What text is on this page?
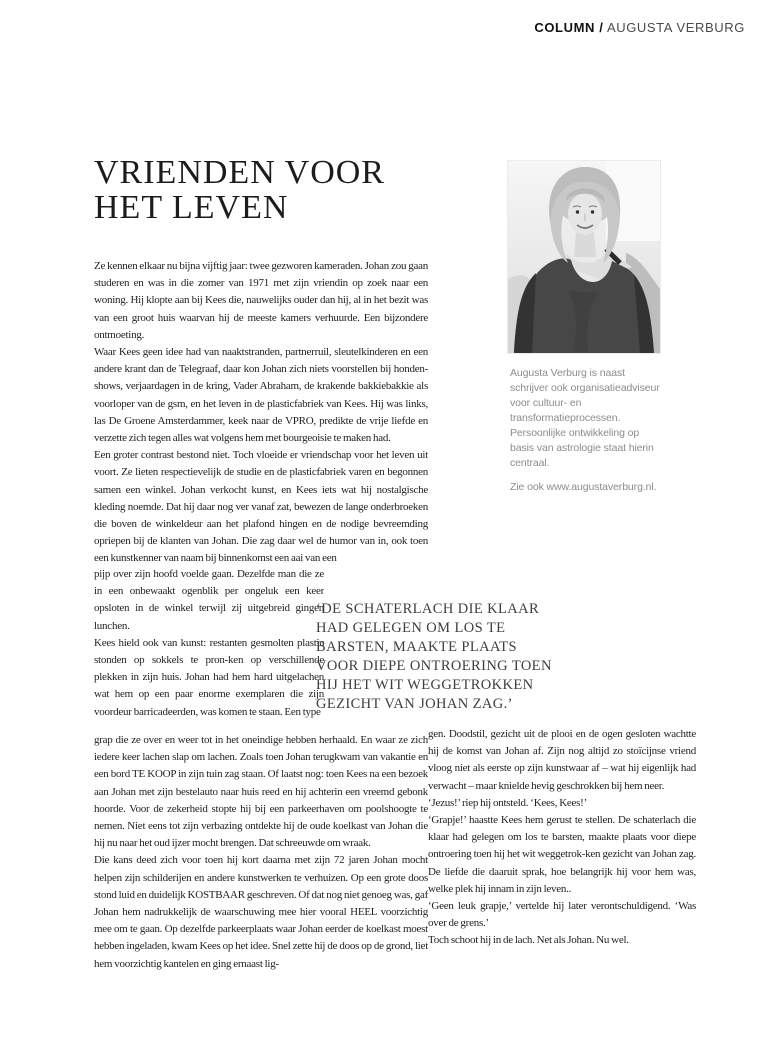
COLUMN / AUGUSTA VERBURG
VRIENDEN VOOR
HET LEVEN

Augusta Verburg is naast schrijver ook organisatieadviseur voor cultuur- en transformatieprocessen. Persoonlijke ontwikkeling op basis van astrologie staat hierin centraal.

Zie ook www.augustaverburg.nl.

Ze kennen elkaar nu bijna vijftig jaar: twee gezworen kameraden. Johan zou gaan studeren en was in die zomer van 1971 met zijn vriendin op zoek naar een woning. Hij klopte aan bij Kees die, nauwelijks ouder dan hij, al in het bezit was van een groot huis waarvan hij de meeste kamers verhuurde. Een bijzondere ontmoeting.

Waar Kees geen idee had van naaktstranden, partnerruil, sleutelkinderen en een andere krant dan de Telegraaf, daar kon Johan zich niets voorstellen bij honden-shows, verjaardagen in de kring, Vader Abraham, de krakende bakkiebakkie als voorloper van de gsm, en het leven in de plasticfabriek van Kees. Hij was links, las De Groene Amsterdammer, keek naar de VPRO, predikte de vrije liefde en verzette zich tegen alles wat volgens hem met bourgeoisie te maken had.

Een groter contrast bestond niet. Toch vloeide er vriendschap voor het leven uit voort. Ze lieten respectievelijk de studie en de plasticfabriek varen en begonnen samen een winkel. Johan verkocht kunst, en Kees iets wat hij nostalgische kleding noemde. Dat hij daar nog ver vanaf zat, bewezen de lange onderbroeken die boven de winkeldeur aan het plafond hingen en de nodige bevreemding opriepen bij de klanten van Johan. Die zag daar wel de humor van in, ook toen een kunstkenner van naam bij binnenkomst een aai van een

pijp over zijn hoofd voelde gaan. Dezelfde man die ze in een onbewaakt ogenblik per ongeluk een keer opsloten in de winkel terwijl zij uitgebreid gingen lunchen.

Kees hield ook van kunst: restanten gesmolten plastic stonden op sokkels te pron-ken op verschillende plekken in zijn huis. Johan had hem hard uitgelachen wat hem op een paar enorme exemplaren die zijn voordeur barricadeerden, was komen te staan. Een type

‘DE SCHATERLACH DIE KLAAR
HAD GELEGEN OM LOS TE
BARSTEN, MAAKTE PLAATS
VOOR DIEPE ONTROERING TOEN
HIJ HET WIT WEGGETROKKEN
GEZICHT VAN JOHAN ZAG.’

grap die ze over en weer tot in het oneindige hebben herhaald. En waar ze zich iedere keer lachen slap om lachen. Zoals toen Johan terugkwam van vakantie en een bord TE KOOP in zijn tuin zag staan. Of laatst nog: toen Kees na een bezoek aan Johan met zijn bestelauto naar huis reed en hij achterin een vreemd gebonk hoorde. Voor de zekerheid stopte hij bij een parkeerhaven om poolshoogte te nemen. Niet eens tot zijn verbazing ontdekte hij de oude koelkast van Johan die hij nu naar het oud ijzer mocht brengen. Dat schreeuwde om wraak.

Die kans deed zich voor toen hij kort daarna met zijn 72 jaren Johan mocht helpen zijn schilderijen en andere kunstwerken te verhuizen. Op een grote doos stond luid en duidelijk KOSTBAAR geschreven. Of dat nog niet genoeg was, gaf Johan hem nadrukkelijk de waarschuwing mee hier vooral HEEL voorzichtig mee om te gaan. Op dezelfde parkeerplaats waar Johan eerder de koelkast moest hebben ingeladen, kwam Kees op het idee. Snel zette hij de doos op de grond, liet hem voorzichtig kantelen en ging ernaast lig-

gen. Doodstil, gezicht uit de plooi en de ogen gesloten wachtte hij de komst van Johan af. Zijn nog altijd zo stoïcijnse vriend vloog niet als eerste op zijn kunstwaar af – wat hij eigenlijk had verwacht – maar knielde hevig geschrokken bij hem neer.

‘Jezus!’ riep hij ontsteld. ‘Kees, Kees!’

‘Grapje!’ haastte Kees hem gerust te stellen. De schaterlach die klaar had gelegen om los te barsten, maakte plaats voor diepe ontroering toen hij het wit weggetrok-ken gezicht van Johan zag. De liefde die daaruit sprak, hoe belangrijk hij voor hem was, welke plek hij innam in zijn leven..

‘Geen leuk grapje,’ vertelde hij later verontschuldigend. ‘Was over de grens.’

Toch schoot hij in de lach. Net als Johan. Nu wel.
